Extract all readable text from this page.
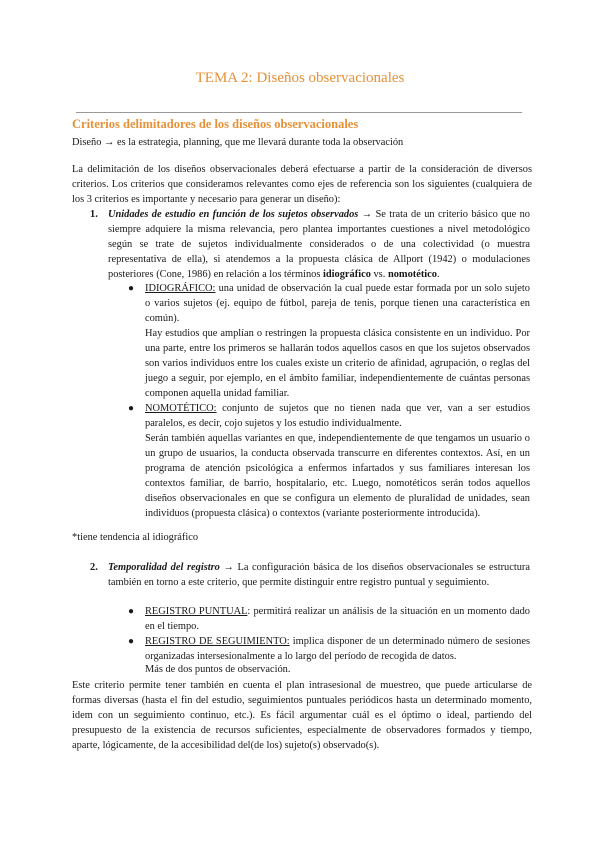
TEMA 2: Diseños observacionales
Criterios delimitadores de los diseños observacionales

Diseño → es la estrategia, planning, que me llevará durante toda la observación

La delimitación de los diseños observacionales deberá efectuarse a partir de la consideración de diversos criterios. Los criterios que consideramos relevantes como ejes de referencia son los siguientes (cualquiera de los 3 criterios es importante y necesario para generar un diseño):

1. Unidades de estudio en función de los sujetos observados → Se trata de un criterio básico que no siempre adquiere la misma relevancia, pero plantea importantes cuestiones a nivel metodológico según se trate de sujetos individualmente considerados o de una colectividad (o muestra representativa de ella), si atendemos a la propuesta clásica de Allport (1942) o modulaciones posteriores (Cone, 1986) en relación a los términos idiográfico vs. nomotético.

● IDIOGRÁFICO: una unidad de observación la cual puede estar formada por un solo sujeto o varios sujetos (ej. equipo de fútbol, pareja de tenis, porque tienen una característica en común).

Hay estudios que amplían o restringen la propuesta clásica consistente en un individuo. Por una parte, entre los primeros se hallarán todos aquellos casos en que los sujetos observados son varios individuos entre los cuales existe un criterio de afinidad, agrupación, o reglas del juego a seguir, por ejemplo, en el ámbito familiar, independientemente de cuántas personas componen aquella unidad familiar.

● NOMOTÉTICO: conjunto de sujetos que no tienen nada que ver, van a ser estudios paralelos, es decir, cojo sujetos y los estudio individualmente.

Serán también aquellas variantes en que, independientemente de que tengamos un usuario o un grupo de usuarios, la conducta observada transcurre en diferentes contextos. Así, en un programa de atención psicológica a enfermos infartados y sus familiares interesan los contextos familiar, de barrio, hospitalario, etc. Luego, nomotéticos serán todos aquellos diseños observacionales en que se configura un elemento de pluralidad de unidades, sean individuos (propuesta clásica) o contextos (variante posteriormente introducida).

*tiene tendencia al idiográfico

2. Temporalidad del registro → La configuración básica de los diseños observacionales se estructura también en torno a este criterio, que permite distinguir entre registro puntual y seguimiento.

● REGISTRO PUNTUAL: permitirá realizar un análisis de la situación en un momento dado en el tiempo.

● REGISTRO DE SEGUIMIENTO: implica disponer de un determinado número de sesiones organizadas intersesionalmente a lo largo del período de recogida de datos.

Más de dos puntos de observación.

Este criterio permite tener también en cuenta el plan intrasesional de muestreo, que puede articularse de formas diversas (hasta el fin del estudio, seguimientos puntuales periódicos hasta un determinado momento, idem con un seguimiento continuo, etc.). Es fácil argumentar cuál es el óptimo o ideal, partiendo del presupuesto de la existencia de recursos suficientes, especialmente de observadores formados y tiempo, aparte, lógicamente, de la accesibilidad del(de los) sujeto(s) observado(s).
